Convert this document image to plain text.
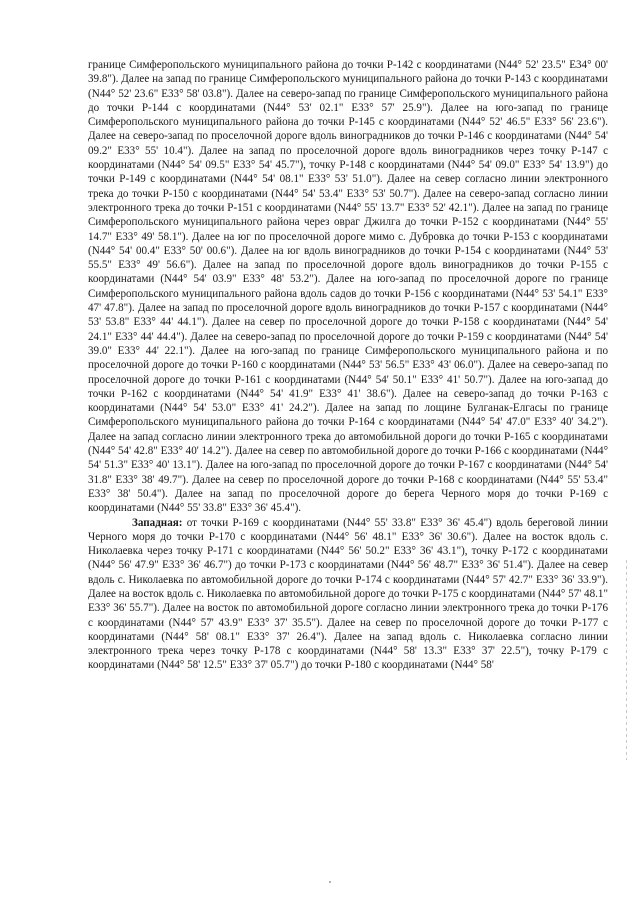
границе Симферопольского муниципального района до точки Р-142 с координатами (N44° 52' 23.5" E34° 00' 39.8"). Далее на запад по границе Симферопольского муниципального района до точки Р-143 с координатами (N44° 52' 23.6" E33° 58' 03.8"). Далее на северо-запад по границе Симферопольского муниципального района до точки Р-144 с координатами (N44° 53' 02.1" E33° 57' 25.9"). Далее на юго-запад по границе Симферопольского муниципального района до точки Р-145 с координатами (N44° 52' 46.5" E33° 56' 23.6"). Далее на северо-запад по проселочной дороге вдоль виноградников до точки Р-146 с координатами (N44° 54' 09.2" E33° 55' 10.4"). Далее на запад по проселочной дороге вдоль виноградников через точку Р-147 с координатами (N44° 54' 09.5" E33° 54' 45.7"), точку Р-148 с координатами (N44° 54' 09.0" E33° 54' 13.9") до точки Р-149 с координатами (N44° 54' 08.1" E33° 53' 51.0"). Далее на север согласно линии электронного трека до точки Р-150 с координатами (N44° 54' 53.4" E33° 53' 50.7"). Далее на северо-запад согласно линии электронного трека до точки Р-151 с координатами (N44° 55' 13.7" E33° 52' 42.1"). Далее на запад по границе Симферопольского муниципального района через овраг Джилга до точки Р-152 с координатами (N44° 55' 14.7" E33° 49' 58.1"). Далее на юг по проселочной дороге мимо с. Дубровка до точки Р-153 с координатами (N44° 54' 00.4" E33° 50' 00.6"). Далее на юг вдоль виноградников до точки Р-154 с координатами (N44° 53' 55.5" E33° 49' 56.6"). Далее на запад по проселочной дороге вдоль виноградников до точки Р-155 с координатами (N44° 54' 03.9" E33° 48' 53.2"). Далее на юго-запад по проселочной дороге по границе Симферопольского муниципального района вдоль садов до точки Р-156 с координатами (N44° 53' 54.1" E33° 47' 47.8"). Далее на запад по проселочной дороге вдоль виноградников до точки Р-157 с координатами (N44° 53' 53.8" E33° 44' 44.1"). Далее на север по проселочной дороге до точки Р-158 с координатами (N44° 54' 24.1" E33° 44' 44.4"). Далее на северо-запад по проселочной дороге до точки Р-159 с координатами (N44° 54' 39.0" E33° 44' 22.1"). Далее на юго-запад по границе Симферопольского муниципального района и по проселочной дороге до точки Р-160 с координатами (N44° 53' 56.5" E33° 43' 06.0"). Далее на северо-запад по проселочной дороге до точки Р-161 с координатами (N44° 54' 50.1" E33° 41' 50.7"). Далее на юго-запад до точки Р-162 с координатами (N44° 54' 41.9" E33° 41' 38.6"). Далее на северо-запад до точки Р-163 с координатами (N44° 54' 53.0" E33° 41' 24.2"). Далее на запад по лощине Булганак-Елгасы по границе Симферопольского муниципального района до точки Р-164 с координатами (N44° 54' 47.0" E33° 40' 34.2"). Далее на запад согласно линии электронного трека до автомобильной дороги до точки Р-165 с координатами (N44° 54' 42.8" E33° 40' 14.2"). Далее на север по автомобильной дороге до точки Р-166 с координатами (N44° 54' 51.3" E33° 40' 13.1"). Далее на юго-запад по проселочной дороге до точки Р-167 с координатами (N44° 54' 31.8" E33° 38' 49.7"). Далее на север по проселочной дороге до точки Р-168 с координатами (N44° 55' 53.4" E33° 38' 50.4"). Далее на запад по проселочной дороге до берега Черного моря до точки Р-169 с координатами (N44° 55' 33.8" E33° 36' 45.4").

Западная: от точки Р-169 с координатами (N44° 55' 33.8" E33° 36' 45.4") вдоль береговой линии Черного моря до точки Р-170 с координатами (N44° 56' 48.1" E33° 36' 30.6"). Далее на восток вдоль с. Николаевка через точку Р-171 с координатами (N44° 56' 50.2" E33° 36' 43.1"), точку Р-172 с координатами (N44° 56' 47.9" E33° 36' 46.7") до точки Р-173 с координатами (N44° 56' 48.7" E33° 36' 51.4"). Далее на север вдоль с. Николаевка по автомобильной дороге до точки Р-174 с координатами (N44° 57' 42.7" E33° 36' 33.9"). Далее на восток вдоль с. Николаевка по автомобильной дороге до точки Р-175 с координатами (N44° 57' 48.1" E33° 36' 55.7"). Далее на восток по автомобильной дороге согласно линии электронного трека до точки Р-176 с координатами (N44° 57' 43.9" E33° 37' 35.5"). Далее на север по проселочной дороге до точки Р-177 с координатами (N44° 58' 08.1" E33° 37' 26.4"). Далее на запад вдоль с. Николаевка согласно линии электронного трека через точку Р-178 с координатами (N44° 58' 13.3" E33° 37' 22.5"), точку Р-179 с координатами (N44° 58' 12.5" E33° 37' 05.7") до точки Р-180 с координатами (N44° 58'
